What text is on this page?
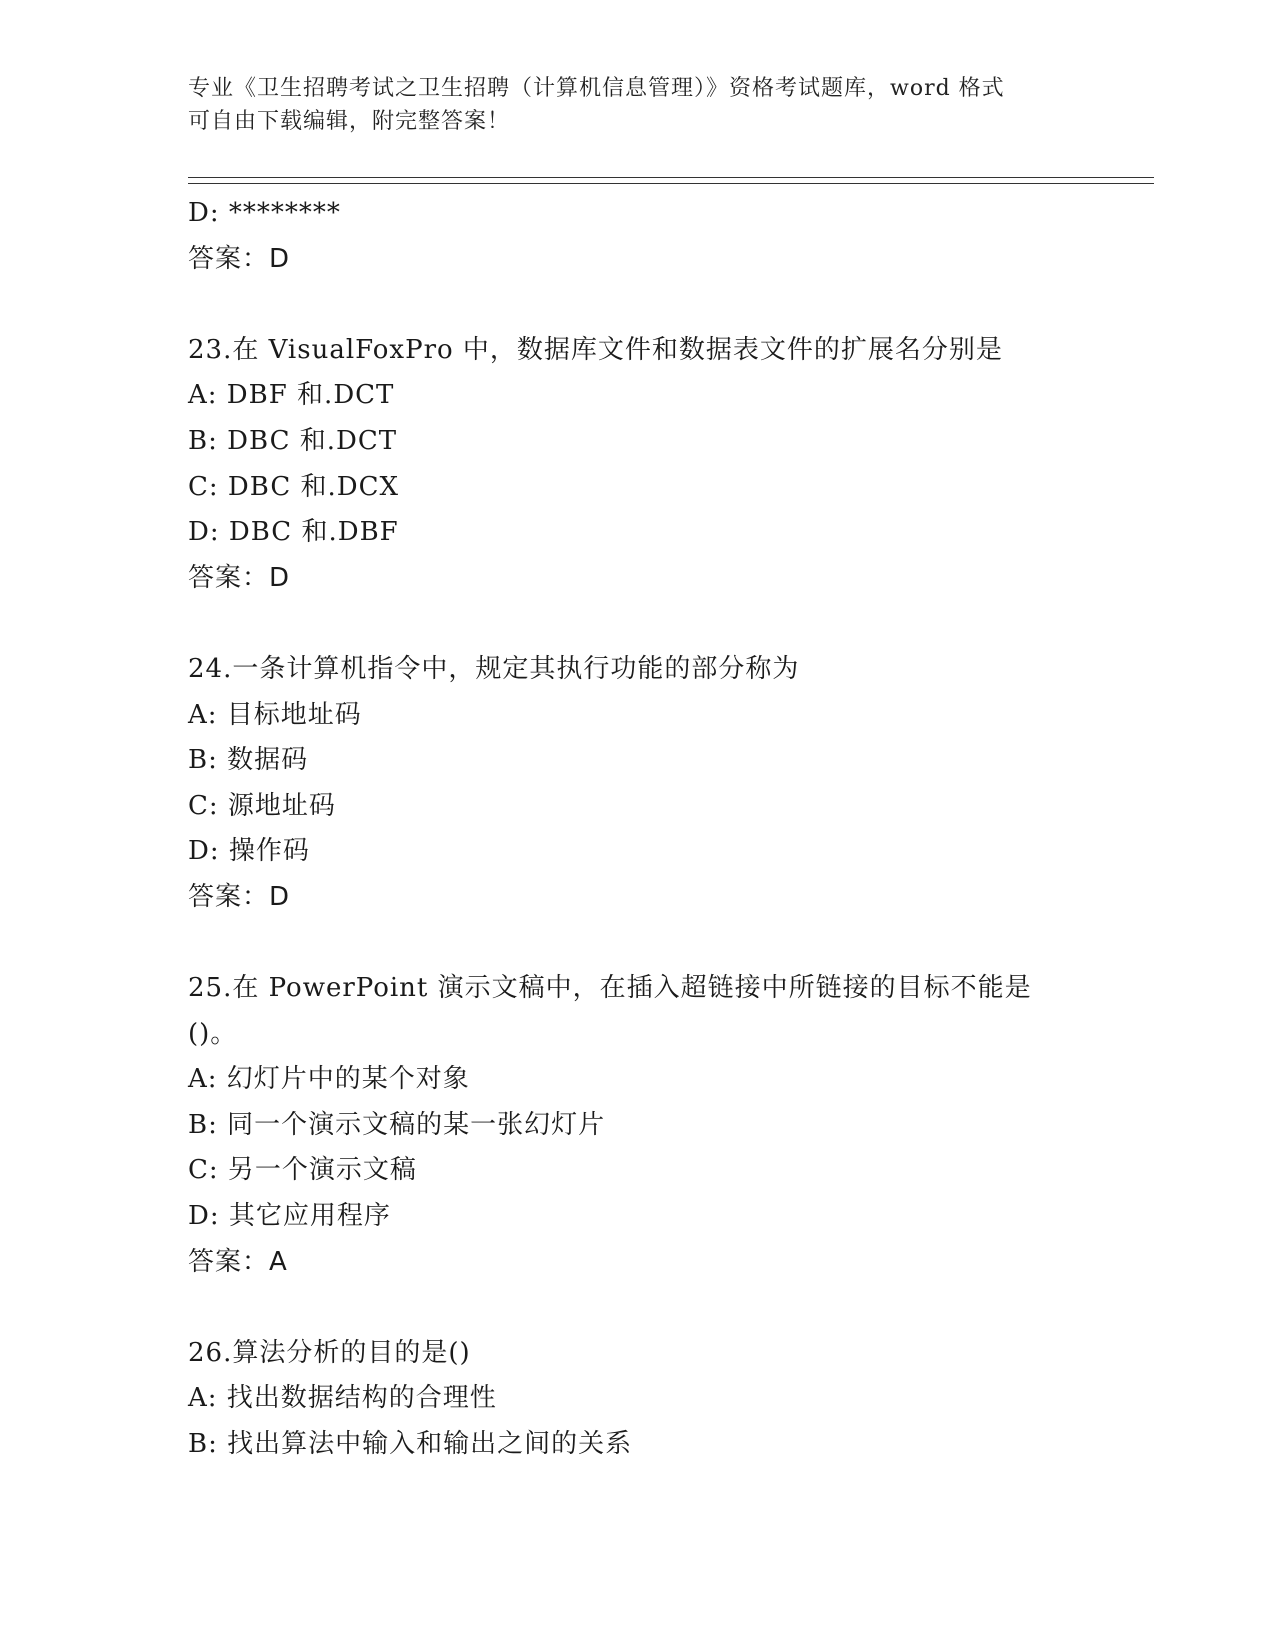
专业《卫生招聘考试之卫生招聘（计算机信息管理）》资格考试题库，word 格式
可自由下载编辑，附完整答案！
D: ********
答案：D
23.在 VisualFoxPro 中，数据库文件和数据表文件的扩展名分别是
A: DBF 和.DCT
B: DBC 和.DCT
C: DBC 和.DCX
D: DBC 和.DBF
答案：D
24.一条计算机指令中，规定其执行功能的部分称为
A: 目标地址码
B: 数据码
C: 源地址码
D: 操作码
答案：D
25.在 PowerPoint 演示文稿中，在插入超链接中所链接的目标不能是()。
A: 幻灯片中的某个对象
B: 同一个演示文稿的某一张幻灯片
C: 另一个演示文稿
D: 其它应用程序
答案：A
26.算法分析的目的是()
A: 找出数据结构的合理性
B: 找出算法中输入和输出之间的关系
